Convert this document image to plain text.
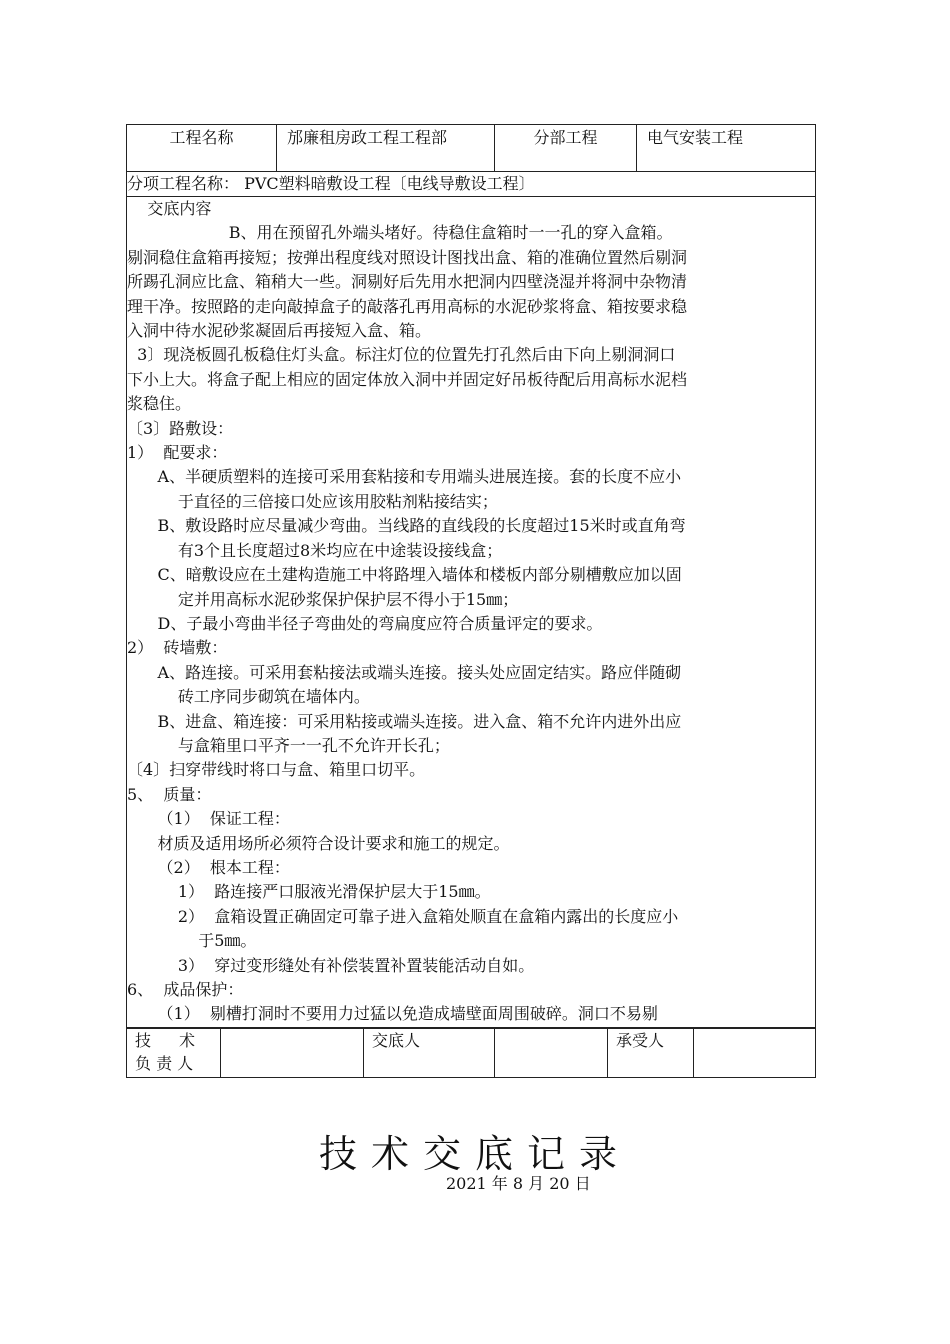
工程名称	邡廉租房政工程工程部	分部工程	电气安装工程
分项工程名称： PVC塑料暗敷设工程〔电线导敷设工程〕

交底内容

B、用在预留孔外端头堵好。待稳住盒箱时一一孔的穿入盒箱。

剔洞稳住盒箱再接短；按弹出程度线对照设计图找出盒、箱的准确位置然后剔洞

所踢孔洞应比盒、箱稍大一些。洞剔好后先用水把洞内四壁浇湿并将洞中杂物清

理干净。按照路的走向敲掉盒子的敲落孔再用高标的水泥砂浆将盒、箱按要求稳

入洞中待水泥砂浆凝固后再接短入盒、箱。

3〕现浇板圆孔板稳住灯头盒。标注灯位的位置先打孔然后由下向上剔洞洞口

下小上大。将盒子配上相应的固定体放入洞中并固定好吊板待配后用高标水泥档

浆稳住。

〔3〕路敷设：

1）  配要求：

A、半硬质塑料的连接可采用套粘接和专用端头进展连接。套的长度不应小

于直径的三倍接口处应该用胶粘剂粘接结实；

B、敷设路时应尽量减少弯曲。当线路的直线段的长度超过15米时或直角弯

有3个且长度超过8米均应在中途装设接线盒；

C、暗敷设应在土建构造施工中将路埋入墙体和楼板内部分剔槽敷应加以固

定并用高标水泥砂浆保护保护层不得小于15㎜；

D、子最小弯曲半径子弯曲处的弯扁度应符合质量评定的要求。

2）  砖墙敷：

A、路连接。可采用套粘接法或端头连接。接头处应固定结实。路应伴随砌

砖工序同步砌筑在墙体内。

B、进盒、箱连接：可采用粘接或端头连接。进入盒、箱不允许内进外出应

与盒箱里口平齐一一孔不允许开长孔；

〔4〕扫穿带线时将口与盒、箱里口切平。

5、  质量：

（1）  保证工程：

材质及适用场所必须符合设计要求和施工的规定。

（2）  根本工程：

1）  路连接严口服液光滑保护层大于15㎜。

2）  盒箱设置正确固定可靠子进入盒箱处顺直在盒箱内露出的长度应小

于5㎜。

3）  穿过变形缝处有补偿装置补置装能活动自如。

6、  成品保护：

（1）  剔槽打洞时不要用力过猛以免造成墙壁面周围破碎。洞口不易剔

技 术
负 责 人
		交底人		承受人	
技术交底记录
2021 年 8 月 20 日
